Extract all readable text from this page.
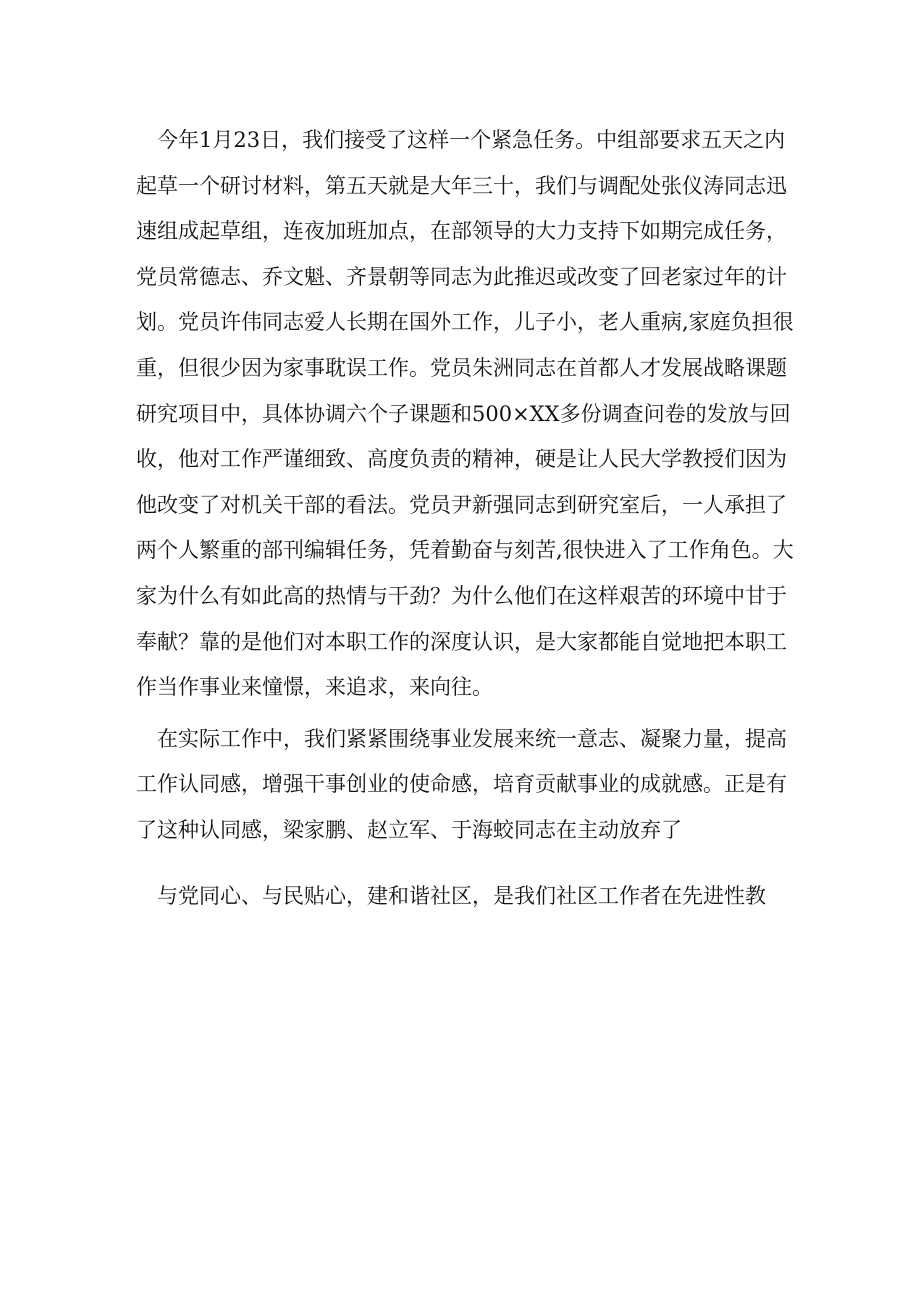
今年1月23日，我们接受了这样一个紧急任务。中组部要求五天之内起草一个研讨材料，第五天就是大年三十，我们与调配处张仪涛同志迅速组成起草组，连夜加班加点，在部领导的大力支持下如期完成任务，党员常德志、乔文魁、齐景朝等同志为此推迟或改变了回老家过年的计划。党员许伟同志爱人长期在国外工作，儿子小，老人重病,家庭负担很重，但很少因为家事耽误工作。党员朱洲同志在首都人才发展战略课题研究项目中，具体协调六个子课题和500×XX多份调查问卷的发放与回收，他对工作严谨细致、高度负责的精神，硬是让人民大学教授们因为他改变了对机关干部的看法。党员尹新强同志到研究室后，一人承担了两个人繁重的部刊编辑任务，凭着勤奋与刻苦,很快进入了工作角色。大家为什么有如此高的热情与干劲？为什么他们在这样艰苦的环境中甘于奉献？靠的是他们对本职工作的深度认识，是大家都能自觉地把本职工作当作事业来憧憬，来追求，来向往。

在实际工作中，我们紧紧围绕事业发展来统一意志、凝聚力量，提高工作认同感，增强干事创业的使命感，培育贡献事业的成就感。正是有了这种认同感，梁家鹏、赵立军、于海蛟同志在主动放弃了

与党同心、与民贴心，建和谐社区，是我们社区工作者在先进性教
